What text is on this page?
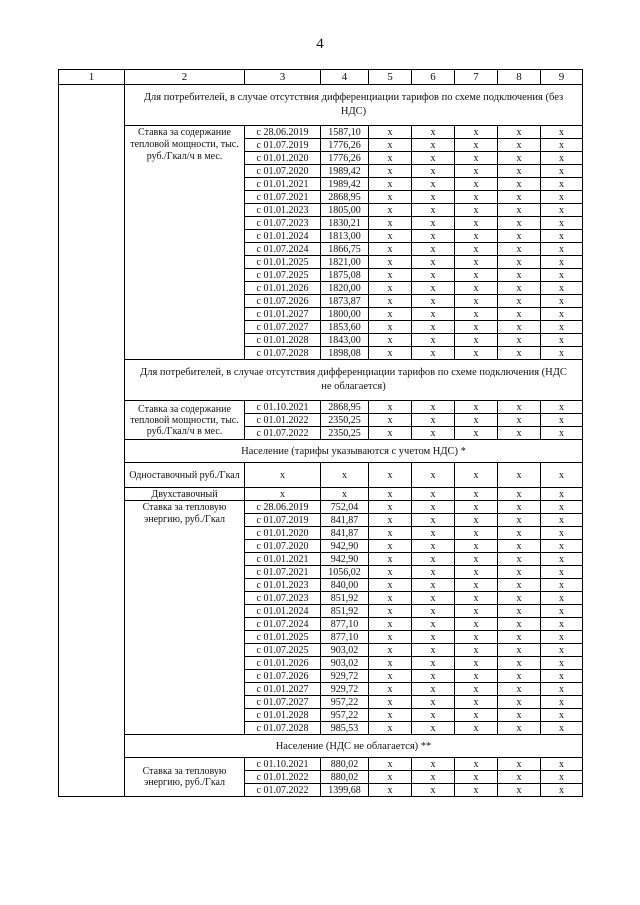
4
1	2	3	4	5	6	7	8	9
	Для потребителей, в случае отсутствия дифференциации тарифов по схеме подключения (без НДС)							
	Ставка за содержание тепловой мощности, тыс. руб./Гкал/ч в мес.	с 28.06.2019	1587,10	x	x	x	x	x
		с 01.07.2019	1776,26	x	x	x	x	x
		с 01.01.2020	1776,26	x	x	x	x	x
		с 01.07.2020	1989,42	x	x	x	x	x
		с 01.01.2021	1989,42	x	x	x	x	x
		с 01.07.2021	2868,95	x	x	x	x	x
		с 01.01.2023	1805,00	x	x	x	x	x
		с 01.07.2023	1830,21	x	x	x	x	x
		с 01.01.2024	1813,00	x	x	x	x	x
		с 01.07.2024	1866,75	x	x	x	x	x
		с 01.01.2025	1821,00	x	x	x	x	x
		с 01.07.2025	1875,08	x	x	x	x	x
		с 01.01.2026	1820,00	x	x	x	x	x
		с 01.07.2026	1873,87	x	x	x	x	x
		с 01.01.2027	1800,00	x	x	x	x	x
		с 01.07.2027	1853,60	x	x	x	x	x
		с 01.01.2028	1843,00	x	x	x	x	x
		с 01.07.2028	1898,08	x	x	x	x	x
	Для потребителей, в случае отсутствия дифференциации тарифов по схеме подключения (НДС не облагается)							
	Ставка за содержание тепловой мощности, тыс. руб./Гкал/ч в мес.	с 01.10.2021	2868,95	x	x	x	x	x
		с 01.01.2022	2350,25	x	x	x	x	x
		с 01.07.2022	2350,25	x	x	x	x	x
	Население (тарифы указываются с учетом НДС) *							
	Одноставочный руб./Гкал	x	x	x	x	x	x	x
	Двухставочный	x	x	x	x	x	x	x
	Ставка за тепловую энергию, руб./Гкал	с 28.06.2019	752,04	x	x	x	x	x
		с 01.07.2019	841,87	x	x	x	x	x
		с 01.01.2020	841,87	x	x	x	x	x
		с 01.07.2020	942,90	x	x	x	x	x
		с 01.01.2021	942,90	x	x	x	x	x
		с 01.07.2021	1056,02	x	x	x	x	x
		с 01.01.2023	840,00	x	x	x	x	x
		с 01.07.2023	851,92	x	x	x	x	x
		с 01.01.2024	851,92	x	x	x	x	x
		с 01.07.2024	877,10	x	x	x	x	x
		с 01.01.2025	877,10	x	x	x	x	x
		с 01.07.2025	903,02	x	x	x	x	x
		с 01.01.2026	903,02	x	x	x	x	x
		с 01.07.2026	929,72	x	x	x	x	x
		с 01.01.2027	929,72	x	x	x	x	x
		с 01.07.2027	957,22	x	x	x	x	x
		с 01.01.2028	957,22	x	x	x	x	x
		с 01.07.2028	985,53	x	x	x	x	x
	Население (НДС не облагается) **							
	Ставка за тепловую энергию, руб./Гкал	с 01.10.2021	880,02	x	x	x	x	x
		с 01.01.2022	880,02	x	x	x	x	x
		с 01.07.2022	1399,68	x	x	x	x	x
